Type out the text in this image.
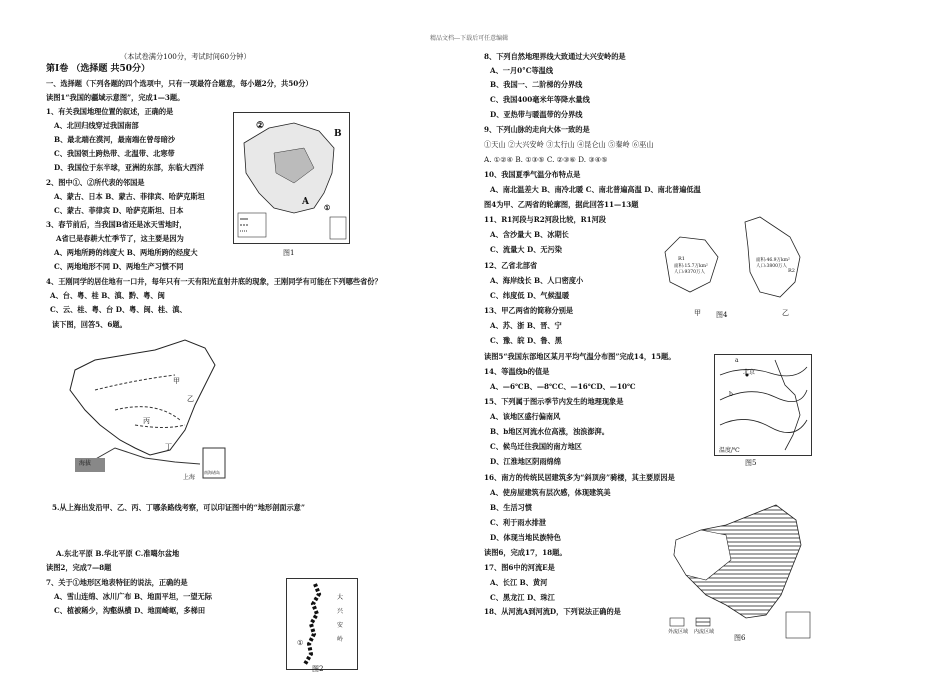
精品文档---下载后可任意编辑
（本试卷满分100分，考试时间60分钟）
第Ⅰ卷 （选择题 共50分）
一、选择题（下列各题的四个选项中，只有一项最符合题意，每小题2分，共50分）
读图1“我国的疆域示意图”，完成1—3题。
1、有关我国地理位置的叙述，正确的是
A、北回归线穿过我国南部
B、最北端在漠河，最南端在曾母暗沙
C、我国领土跨热带、北温带、北寒带
D、我国位于东半球，亚洲的东部，东临大西洋
2、图中①、②所代表的邻国是
A、蒙古、日本 B、蒙古、菲律宾、哈萨克斯坦
C、蒙古、菲律宾 D、哈萨克斯坦、日本
3、春节前后，当我国B省还是冰天雪地时，
A省已是春耕大忙季节了，这主要是因为
A、两地所跨的纬度大 B、两地所跨的经度大
C、两地地形不同 D、两地生产习惯不同
4、王刚同学的居住地有一口井，每年只有一天有阳光直射井底的现象，王刚同学有可能在下列哪些省份？
A、台、粤、桂 B、滇、黔、粤、闽
C、云、桂、粤、台 D、粤、闽、桂、滇、
读下图，回答5、6题。
甲
乙
丙
丁
海拔
上海
南海诸岛
5.从上海出发沿甲、乙、丙、丁哪条路线考察，可以印证图中的“地形剖面示意”
A.东北平原 B.华北平原 C.准噶尔盆地
读图2，完成7—8题
7、关于①地形区地表特征的说法，正确的是
A、雪山连绵、冰川广布 B、地面平坦，一望无际
C、植被稀少，沟壑纵横 D、地面崎岖，多梯田
B
A
②
①
图1
大 兴 安 岭
①
图2
8、下列自然地理界线大致通过大兴安岭的是
A、一月0°C等温线
B、我国一、二阶梯的分界线
C、我国400毫米年等降水量线
D、亚热带与暖温带的分界线
9、下列山脉的走向大体一致的是
①天山 ②大兴安岭 ③太行山 ④昆仑山 ⑤秦岭 ⑥巫山
A. ①②④ B. ①③⑤ C. ②③⑥ D. ③④⑤
10、我国夏季气温分布特点是
A、南北温差大 B、南冷北暖 C、南北普遍高温 D、南北普遍低温
图4为甲、乙两省的轮廓图，据此回答11—13题
11、R1河段与R2河段比较，R1河段
A、含沙量大 B、冰期长
C、流量大 D、无污染
12、乙省北部省
A、海岸线长 B、人口密度小
C、纬度低 D、气候温暖
13、甲乙两省的简称分别是
A、苏、浙 B、晋、宁
C、豫、皖 D、鲁、黑
读图5“我国东部地区某月平均气温分布图”完成14，15题。
14、等温线b的值是
A、—6℃B、—8℃C、—16℃D、—10℃
15、下列属于图示季节内发生的地理现象是
A、该地区盛行偏南风
B、b地区河流水位高涨，浊浪澎湃。
C、候鸟迁往我国的南方地区
D、江淮地区阴雨绵绵
16、南方的传统民居建筑多为“斜顶房”骑楼，其主要原因是
A、使房屋建筑有层次感，体现建筑美
B、生活习惯
C、利于雨水排泄
D、体现当地民族特色
读图6，完成17，18题。
17、图6中的河流E是
A、长江 B、黄河
C、黑龙江 D、珠江
18、从河流A到河流D，下列说法正确的是
R1
R2
面积:15.7万km²
人口:9370万人
面积:46.9万km²
人口:3800万人
甲	乙
图4
北京
b
a
温度/℃
图5
外流区域 内流区域
图6
